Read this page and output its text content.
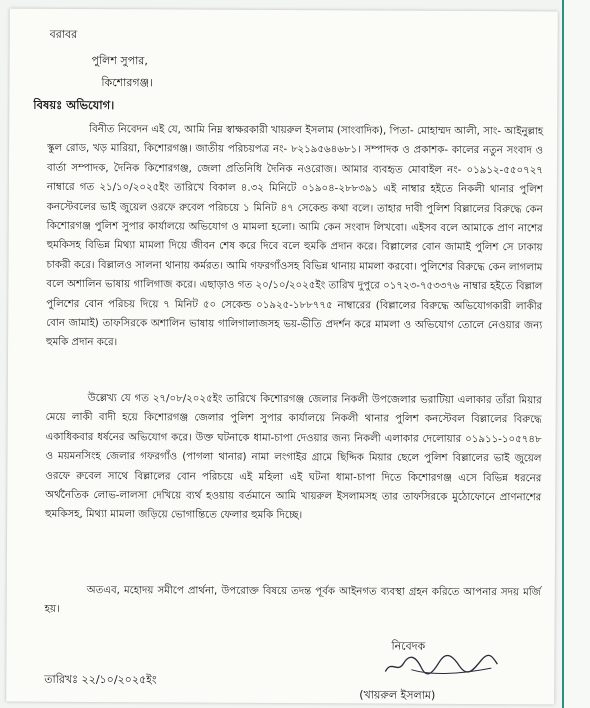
বরাবর
পুলিশ সুপার,
কিশোরগঞ্জ।
বিষয়ঃ অভিযোগ।
বিনীত নিবেদন এই যে, আমি নিম্ন স্বাক্ষরকারী খায়রুল ইসলাম (সাংবাদিক), পিতা- মোহাম্মদ আলী, সাং- আইনুল্লাহ স্কুল রোড, খড় মারিয়া, কিশোরগঞ্জ। জাতীয় পরিচয়পত্র নং- ৮২১৯৫৬৪৬৮১। সম্পাদক ও প্রকাশক- কালের নতুন সংবাদ ও বার্তা সম্পাদক, দৈনিক কিশোরগঞ্জ, জেলা প্রতিনিধি দৈনিক নওরোজ। আমার ব্যবহৃত মোবাইল নং- ০১৯১২-৫৫০৭২৭ নাম্বারে গত ২১/১০/২০২৫ইং তারিখে বিকাল ৪.৩২ মিনিটে ০১৯০৪-২৮৮৩৯১ এই নাম্বার হইতে নিকলী থানার পুলিশ কনস্টেবলের ভাই জুয়েল ওরফে রুবেল পরিচয়ে ১ মিনিট ৪৭ সেকেন্ড কথা বলে। তাহার দাবী পুলিশ বিল্লালের বিরুদ্ধে কেন কিশোরগঞ্জ পুলিশ সুপার কার্যালয়ে অভিযোগ ও মামলা হলো। আমি কেন সংবাদ লিখবো। এইসব বলে আমাকে প্রাণ নাশের হুমকিসহ বিভিন্ন মিথ্যা মামলা দিয়ে জীবন শেষ করে দিবে বলে হুমকি প্রদান করে। বিল্লালের বোন জামাই পুলিশ সে ঢাকায় চাকরী করে। বিল্লালও সালনা থানায় কর্মরত। আমি গফরগাঁওসহ বিভিন্ন থানায় মামলা করবো। পুলিশের বিরুদ্ধে কেন লাগলাম বলে অশালিন ভাষায় গালিগাজ করে। এছাড়াও গত ২০/১০/২০২৫ইং তারিখ দুপুরে ০১৭২৩-৭৫৩৩৭৬ নাম্বার হইতে বিল্লাল পুলিশের বোন পরিচয় দিয়ে ৭ মিনিট ৫০ সেকেন্ড ০১৯২৫-১৮৮৭৭৫ নাম্বারের (বিল্লালের বিরুদ্ধে অভিযোগকারী লাকীর বোন জামাই) তাফসিরকে অশালিন ভাষায় গালিগালাজসহ ভয়-ভীতি প্রদর্শন করে মামলা ও অভিযোগ তোলে নেওয়ার জন্য হুমকি প্রদান করে।
উল্লেখ্য যে গত ২৭/০৮/২০২৫ইং তারিখে কিশোরগঞ্জ জেলার নিকলী উপজেলার ভরাটিয়া এলাকার তাঁরা মিয়ার মেয়ে লাকী বাদী হয়ে কিশোরগঞ্জ জেলার পুলিশ সুপার কার্যালয়ে নিকলী থানার পুলিশ কনস্টেবল বিল্লালের বিরুদ্ধে একাধিকবার ধর্ষনের অভিযোগ করে। উক্ত ঘটনাকে ধামা-চাপা দেওয়ার জন্য নিকলী এলাকার দেলোয়ার ০১৯১১-১০৫৭৪৮ ও ময়মনসিংহ জেলার গফরগাঁও (পাগলা থানার) নামা লংগাইর গ্রামে ছিদ্দিক মিয়ার ছেলে পুলিশ বিল্লালের ভাই জুয়েল ওরফে রুবেল সাথে বিল্লালের বোন পরিচয়ে এই মহিলা এই ঘটনা ধামা-চাপা দিতে কিশোরগঞ্জ এসে বিভিন্ন ধরনের অর্থনৈতিক লোভ-লালসা দেখিয়ে ব্যর্থ হওয়ায় বর্তমানে আমি খায়রুল ইসলামসহ তার তাফসিরকে মুঠোফোনে প্রাণনাশের হুমকিসহ, মিথ্যা মামলা জড়িয়ে ভোগান্তিতে ফেলার হুমকি দিচ্ছে।
অতএব, মহোদয় সমীপে প্রার্থনা, উপরোক্ত বিষয়ে তদন্ত পূর্বক আইনগত ব্যবস্থা গ্রহন করিতে আপনার সদয় মর্জি হয়।
নিবেদক
(খায়রুল ইসলাম)
তারিখঃ ২২/১০/২০২৫ইং
